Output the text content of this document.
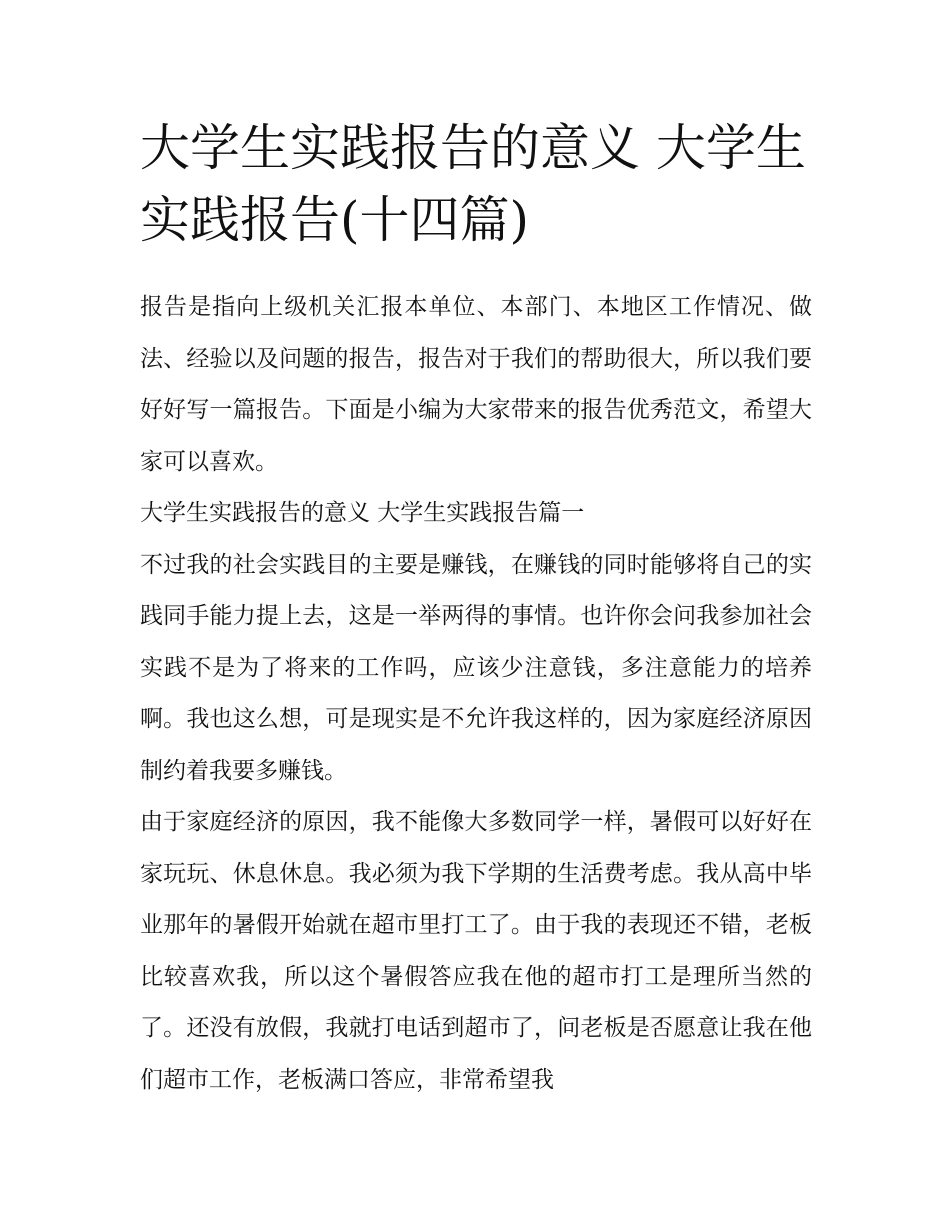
大学生实践报告的意义 大学生实践报告(十四篇)

报告是指向上级机关汇报本单位、本部门、本地区工作情况、做法、经验以及问题的报告，报告对于我们的帮助很大，所以我们要好好写一篇报告。下面是小编为大家带来的报告优秀范文，希望大家可以喜欢。

大学生实践报告的意义 大学生实践报告篇一

不过我的社会实践目的主要是赚钱，在赚钱的同时能够将自己的实践同手能力提上去，这是一举两得的事情。也许你会问我参加社会实践不是为了将来的工作吗，应该少注意钱，多注意能力的培养啊。我也这么想，可是现实是不允许我这样的，因为家庭经济原因制约着我要多赚钱。

由于家庭经济的原因，我不能像大多数同学一样，暑假可以好好在家玩玩、休息休息。我必须为我下学期的生活费考虑。我从高中毕业那年的暑假开始就在超市里打工了。由于我的表现还不错，老板比较喜欢我，所以这个暑假答应我在他的超市打工是理所当然的了。还没有放假，我就打电话到超市了，问老板是否愿意让我在他们超市工作，老板满口答应，非常希望我
